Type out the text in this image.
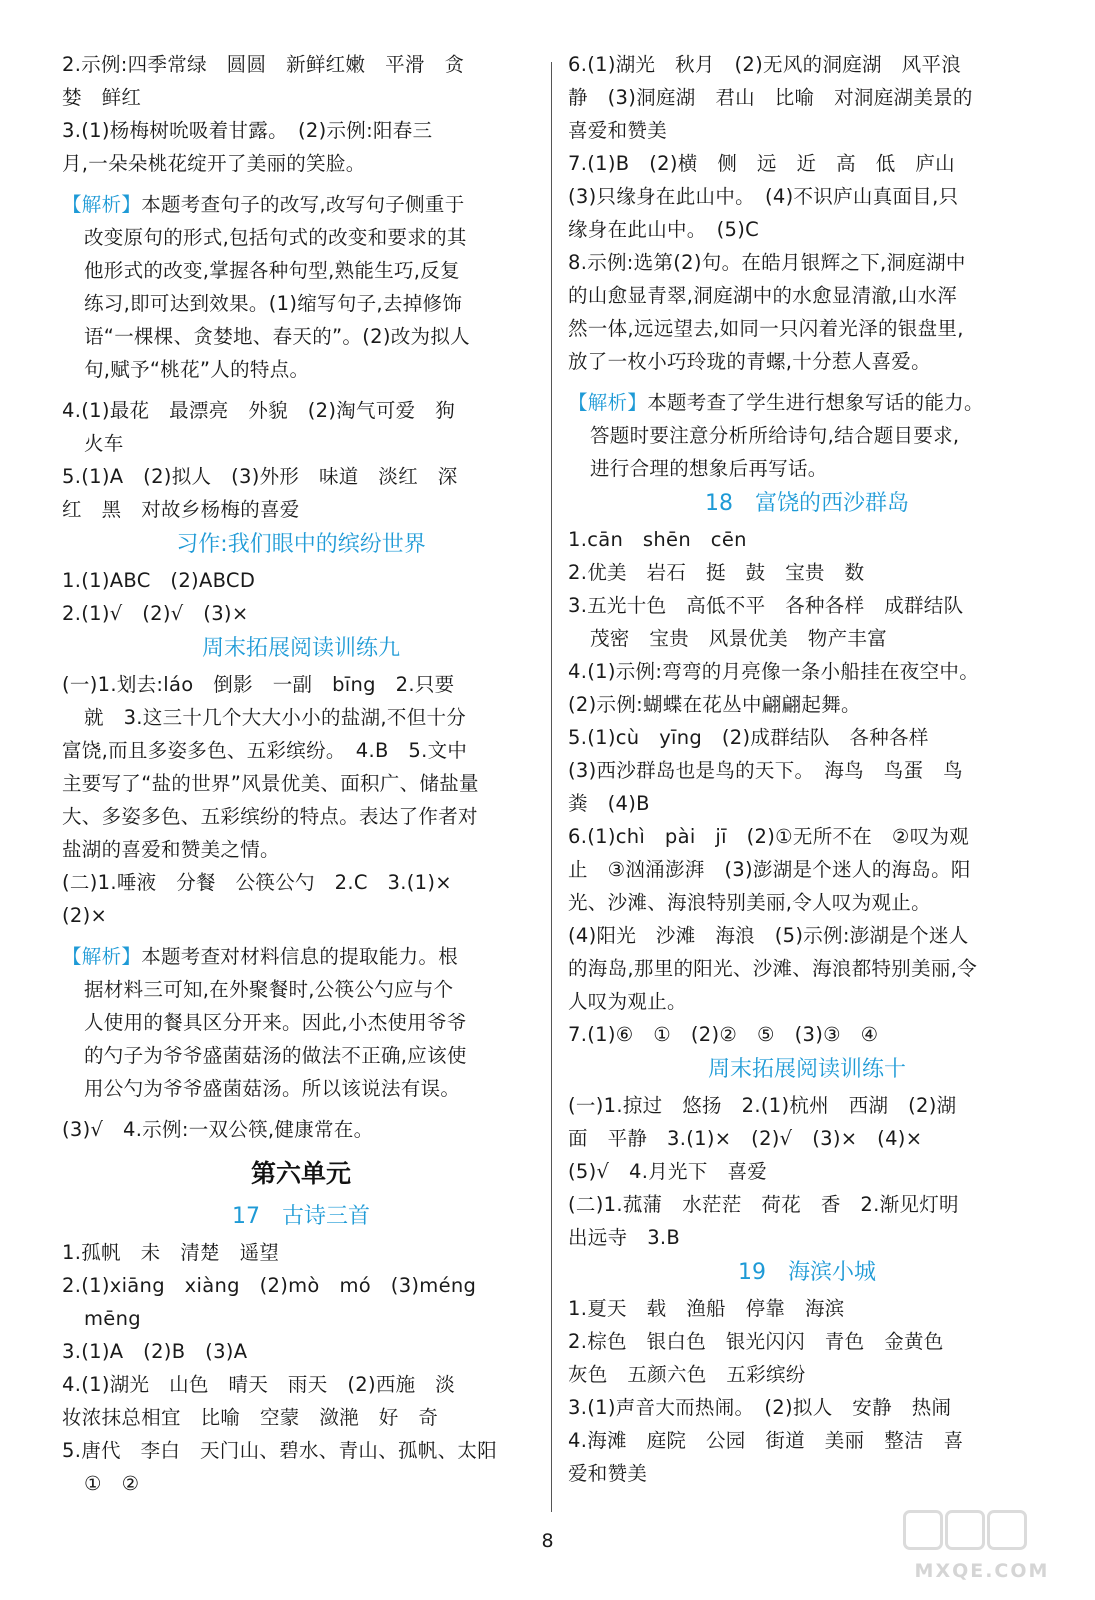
2.示例:四季常绿　圆圆　新鲜红嫩　平滑　贪
婪　鲜红
3.(1)杨梅树吮吸着甘露。　(2)示例:阳春三
月,一朵朵桃花绽开了美丽的笑脸。
【解析】本题考查句子的改写,改写句子侧重于
改变原句的形式,包括句式的改变和要求的其
他形式的改变,掌握各种句型,熟能生巧,反复
练习,即可达到效果。(1)缩写句子,去掉修饰
语“一棵棵、贪婪地、春天的”。(2)改为拟人
句,赋予“桃花”人的特点。
4.(1)最花　最漂亮　外貌　(2)淘气可爱　狗
火车
5.(1)A　(2)拟人　(3)外形　味道　淡红　深
红　黑　对故乡杨梅的喜爱
习作:我们眼中的缤纷世界
1.(1)ABC　(2)ABCD
2.(1)√　(2)√　(3)×
周末拓展阅读训练九
(一)1.划去:láo　倒影　一副　bīng　2.只要
就　3.这三十几个大大小小的盐湖,不但十分
富饶,而且多姿多色、五彩缤纷。　4.B　5.文中
主要写了“盐的世界”风景优美、面积广、储盐量
大、多姿多色、五彩缤纷的特点。表达了作者对
盐湖的喜爱和赞美之情。
(二)1.唾液　分餐　公筷公勺　2.C　3.(1)×
(2)×
【解析】本题考查对材料信息的提取能力。根
据材料三可知,在外聚餐时,公筷公勺应与个
人使用的餐具区分开来。因此,小杰使用爷爷
的勺子为爷爷盛菌菇汤的做法不正确,应该使
用公勺为爷爷盛菌菇汤。所以该说法有误。
(3)√　4.示例:一双公筷,健康常在。
第六单元
17　古诗三首
1.孤帆　未　清楚　遥望
2.(1)xiāng　xiàng　(2)mò　mó　(3)méng
mēng
3.(1)A　(2)B　(3)A
4.(1)湖光　山色　晴天　雨天　(2)西施　淡
妆浓抹总相宜　比喻　空蒙　潋滟　好　奇
5.唐代　李白　天门山、碧水、青山、孤帆、太阳
①　②
6.(1)湖光　秋月　(2)无风的洞庭湖　风平浪
静　(3)洞庭湖　君山　比喻　对洞庭湖美景的
喜爱和赞美
7.(1)B　(2)横　侧　远　近　高　低　庐山
(3)只缘身在此山中。　(4)不识庐山真面目,只
缘身在此山中。　(5)C
8.示例:选第(2)句。在皓月银辉之下,洞庭湖中
的山愈显青翠,洞庭湖中的水愈显清澈,山水浑
然一体,远远望去,如同一只闪着光泽的银盘里,
放了一枚小巧玲珑的青螺,十分惹人喜爱。
【解析】本题考查了学生进行想象写话的能力。
答题时要注意分析所给诗句,结合题目要求,
进行合理的想象后再写话。
18　富饶的西沙群岛
1.cān　shēn　cēn
2.优美　岩石　挺　鼓　宝贵　数
3.五光十色　高低不平　各种各样　成群结队
茂密　宝贵　风景优美　物产丰富
4.(1)示例:弯弯的月亮像一条小船挂在夜空中。
(2)示例:蝴蝶在花丛中翩翩起舞。
5.(1)cù　yīng　(2)成群结队　各种各样
(3)西沙群岛也是鸟的天下。　海鸟　鸟蛋　鸟
粪　(4)B
6.(1)chì　pài　jī　(2)①无所不在　②叹为观
止　③汹涌澎湃　(3)澎湖是个迷人的海岛。阳
光、沙滩、海浪特别美丽,令人叹为观止。
(4)阳光　沙滩　海浪　(5)示例:澎湖是个迷人
的海岛,那里的阳光、沙滩、海浪都特别美丽,令
人叹为观止。
7.(1)⑥　①　(2)②　⑤　(3)③　④
周末拓展阅读训练十
(一)1.掠过　悠扬　2.(1)杭州　西湖　(2)湖
面　平静　3.(1)×　(2)√　(3)×　(4)×
(5)√　4.月光下　喜爱
(二)1.菰蒲　水茫茫　荷花　香　2.渐见灯明
出远寺　3.B
19　海滨小城
1.夏天　载　渔船　停靠　海滨
2.棕色　银白色　银光闪闪　青色　金黄色
灰色　五颜六色　五彩缤纷
3.(1)声音大而热闹。　(2)拟人　安静　热闹
4.海滩　庭院　公园　街道　美丽　整洁　喜
爱和赞美
8
MXQE.COM
